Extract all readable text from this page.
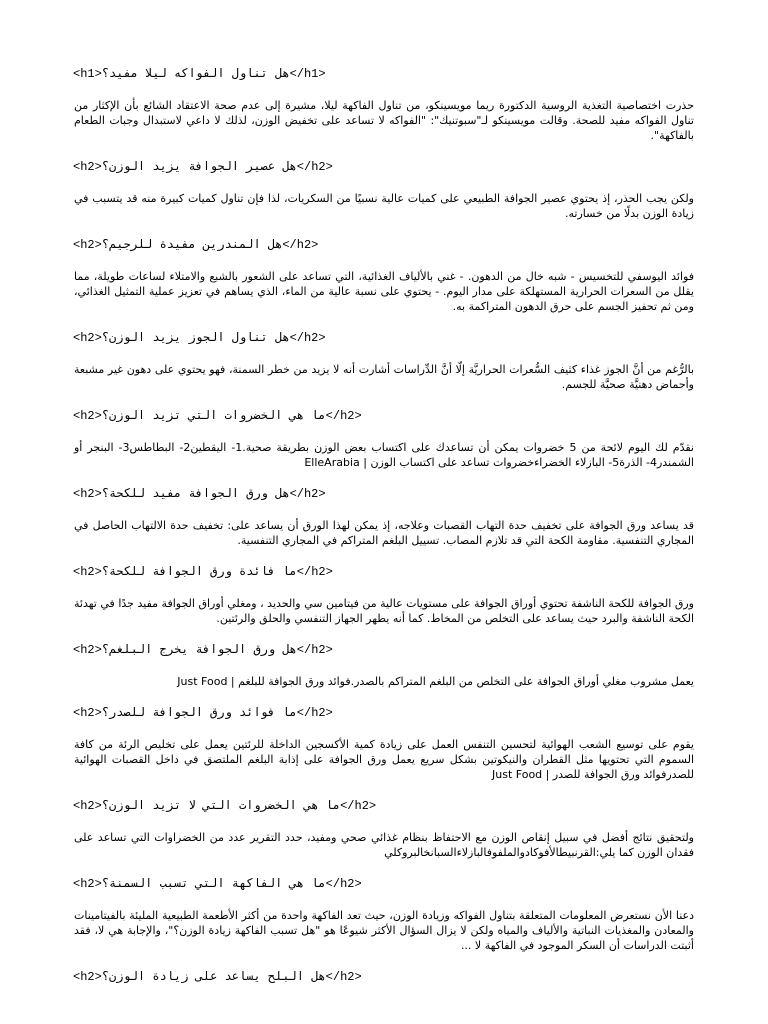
<h1>هل تناول الفواكه ليلا مفيد؟</h1>

حذرت اختصاصية التغذية الروسية الدكتورة ريما مويسينكو، من تناول الفاكهة ليلا، مشيرة إلى عدم صحة الاعتقاد الشائع بأن الإكثار من تناول الفواكه مفيد للصحة. وقالت مويسينكو لـ"سبوتنيك": "الفواكه لا تساعد على تخفيض الوزن، لذلك لا داعي لاستبدال وجبات الطعام بالفاكهة".

<h2>هل عصير الجوافة يزيد الوزن؟</h2>

ولكن يجب الحذر، إذ يحتوي عصير الجوافة الطبيعي على كميات عالية نسبيًا من السكريات، لذا فإن تناول كميات كبيرة منه قد يتسبب في زيادة الوزن بدلًا من خسارته.

<h2>هل المندرين مفيدة للرجيم؟</h2>

فوائد اليوسفي للتخسيس - شبه خال من الدهون. - غني بالألياف الغذائية، التي تساعد على الشعور بالشبع والامتلاء لساعات طويلة، مما يقلل من السعرات الحرارية المستهلكة على مدار اليوم. - يحتوي على نسبة عالية من الماء، الذي يساهم في تعزيز عملية التمثيل الغذائي، ومن ثم تحفيز الجسم على حرق الدهون المتراكمة به.

<h2>هل تناول الجوز يزيد الوزن؟</h2>

بالرُّغم من أنَّ الجوز غذاء كثيف السُّعرات الحراريَّة إلّا أنَّ الدِّراسات أشارت أنه لا يزيد من خطر السمنة، فهو يحتوي على دهون غير مشبعة وأحماض دهنيَّة صحيَّة للجسم.

<h2>ما هي الخضروات التي تزيد الوزن؟</h2>

نقدّم لك اليوم لائحة من 5 خضروات يمكن أن تساعدك على اكتساب بعض الوزن بطريقة صحية.1- اليقطين2- البطاطس3- البنجر أو الشمندر4- الذرة5- البازلاء الخضراءخضروات تساعد على اكتساب الوزن | ElleArabia

<h2>هل ورق الجوافة مفيد للكحة؟</h2>

قد يساعد ورق الجوافة على تخفيف حدة التهاب القصبات وعلاجه، إذ يمكن لهذا الورق أن يساعد على: تخفيف حدة الالتهاب الحاصل في المجاري التنفسية. مقاومة الكحة التي قد تلازم المصاب. تسييل البلغم المتراكم في المجاري التنفسية.

<h2>ما فائدة ورق الجوافة للكحة؟</h2>

ورق الجوافة للكحة الناشفة تحتوي أوراق الجوافة على مستويات عالية من فيتامين سي والحديد ، ومغلي أوراق الجوافة مفيد جدًا في تهدئة الكحة الناشفة والبرد حيث يساعد على التخلص من المخاط. كما أنه يطهر الجهاز التنفسي والحلق والرئتين.

<h2>هل ورق الجوافة يخرج البلغم؟</h2>

يعمل مشروب مغلي أوراق الجوافة على التخلص من البلغم المتراكم بالصدر.فوائد ورق الجوافة للبلغم | Just Food

<h2>ما فوائد ورق الجوافة للصدر؟</h2>

يقوم على توسيع الشعب الهوائية لتحسين التنفس العمل على زيادة كمية الأكسجين الداخلة للرئتين يعمل على تخليص الرئة من كافة السموم التي تحتويها مثل القطران والنيكوتين بشكل سريع يعمل ورق الجوافة على إذابة البلغم الملتصق في داخل القصبات الهوائية للصدرفوائد ورق الجوافة للصدر | Just Food

<h2>ما هي الخضروات التي لا تزيد الوزن؟</h2>

ولتحقيق نتائج أفضل في سبيل إنقاص الوزن مع الاحتفاظ بنظام غذائي صحي ومفيد، حدد التقرير عدد من الخضراوات التي تساعد على فقدان الوزن كما يلي:القرنبيطالأفوكادوالملفوفالبازلاءالسبانخالبروكلي

<h2>ما هي الفاكهة التي تسبب السمنة؟</h2>

دعنا الأن نستعرض المعلومات المتعلقة بتناول الفواكه وزيادة الوزن، حيث تعد الفاكهة واحدة من أكثر الأطعمة الطبيعية المليئة بالفيتامينات والمعادن والمغذيات النباتية والألياف والمياه ولكن لا يزال السؤال الأكثر شيوعًا هو "هل تسبب الفاكهة زيادة الوزن؟"، والإجابة هي لا، فقد أثبتت الدراسات أن السكر الموجود في الفاكهة لا ...

<h2>هل البلح يساعد على زيادة الوزن؟</h2>
